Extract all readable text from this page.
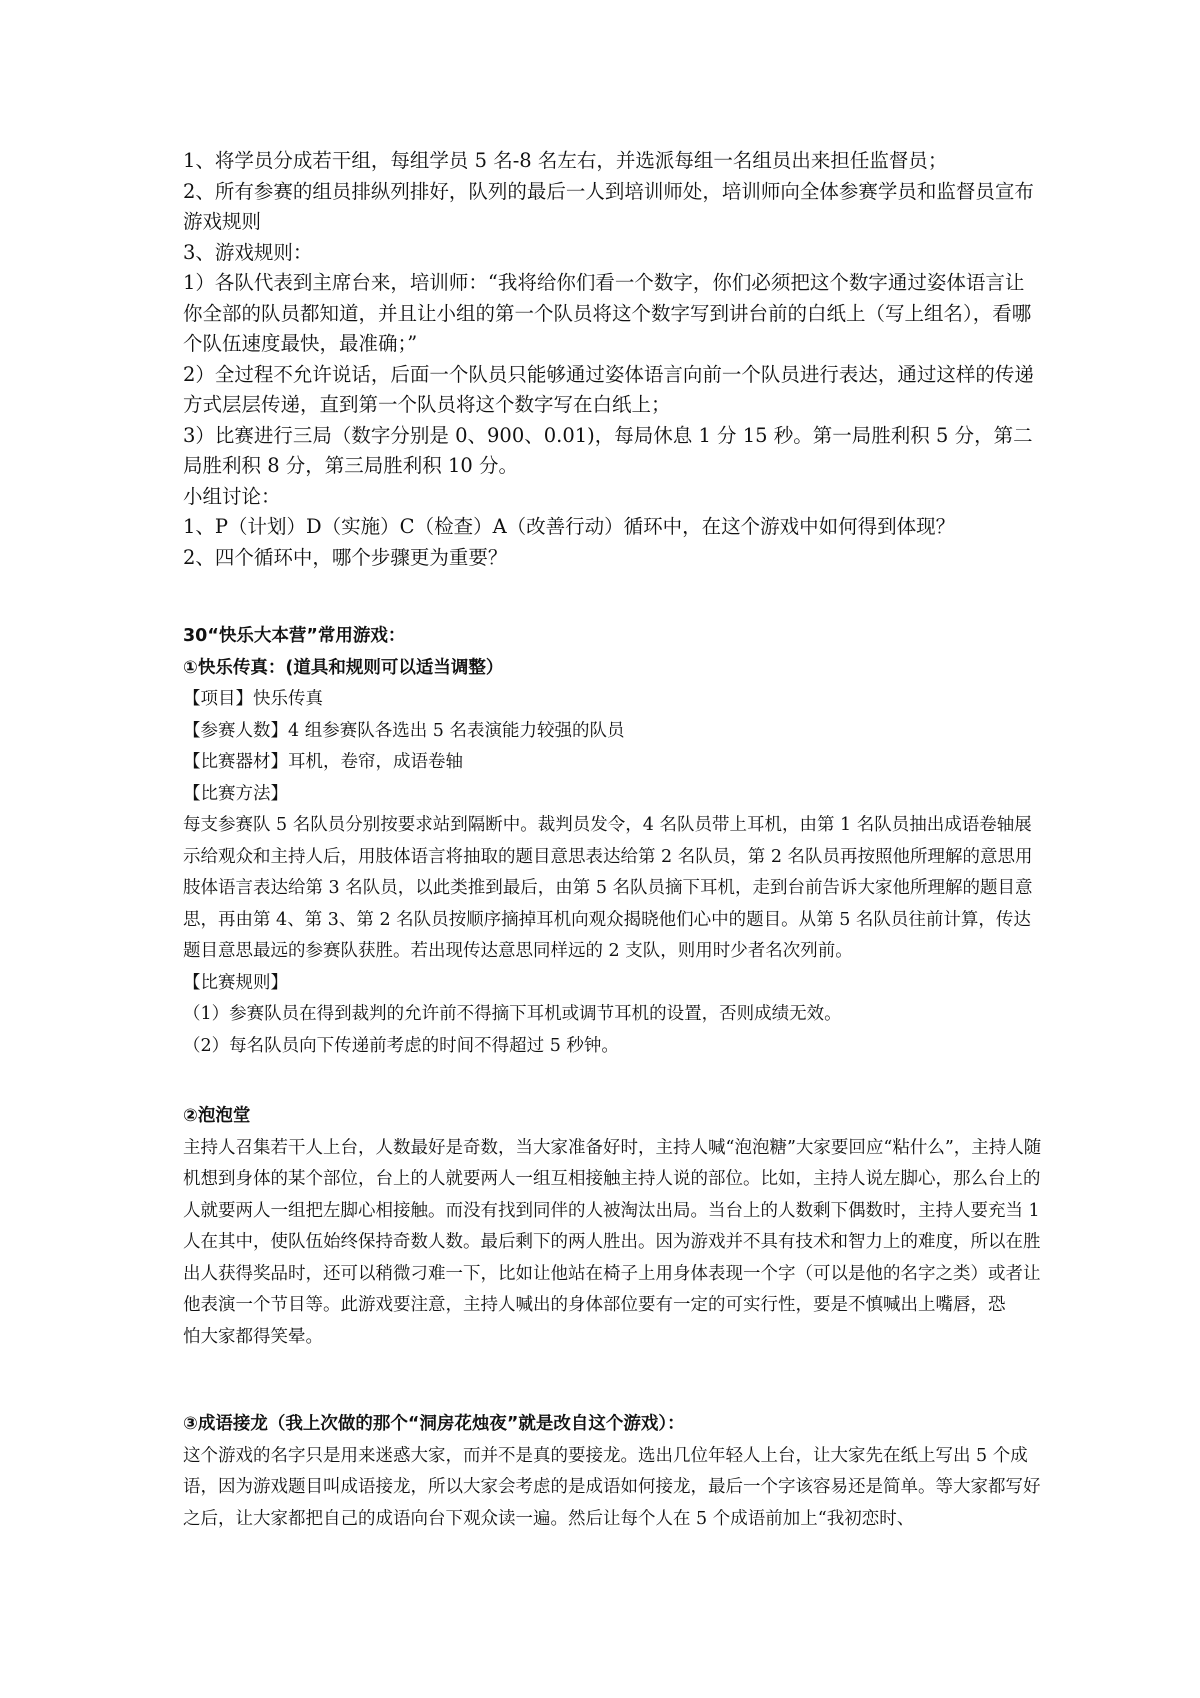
1、将学员分成若干组，每组学员 5 名-8 名左右，并选派每组一名组员出来担任监督员；

2、所有参赛的组员排纵列排好，队列的最后一人到培训师处，培训师向全体参赛学员和监督员宣布游戏规则

3、游戏规则：

1）各队代表到主席台来，培训师：“我将给你们看一个数字，你们必须把这个数字通过姿体语言让你全部的队员都知道，并且让小组的第一个队员将这个数字写到讲台前的白纸上（写上组名），看哪个队伍速度最快，最准确；”

2）全过程不允许说话，后面一个队员只能够通过姿体语言向前一个队员进行表达，通过这样的传递方式层层传递，直到第一个队员将这个数字写在白纸上；

3）比赛进行三局（数字分别是 0、900、0.01)，每局休息 1 分 15 秒。第一局胜利积 5 分，第二局胜利积 8 分，第三局胜利积 10 分。

小组讨论：

1、P（计划）D（实施）C（检查）A（改善行动）循环中，在这个游戏中如何得到体现？

2、四个循环中，哪个步骤更为重要？

30“快乐大本营”常用游戏：

①快乐传真：(道具和规则可以适当调整）

【项目】快乐传真

【参赛人数】4 组参赛队各选出 5 名表演能力较强的队员

【比赛器材】耳机，卷帘，成语卷轴

【比赛方法】

每支参赛队 5 名队员分别按要求站到隔断中。裁判员发令，4 名队员带上耳机，由第 1 名队员抽出成语卷轴展示给观众和主持人后，用肢体语言将抽取的题目意思表达给第 2 名队员，第 2 名队员再按照他所理解的意思用肢体语言表达给第 3 名队员，以此类推到最后，由第 5 名队员摘下耳机，走到台前告诉大家他所理解的题目意思，再由第 4、第 3、第 2 名队员按顺序摘掉耳机向观众揭晓他们心中的题目。从第 5 名队员往前计算，传达题目意思最远的参赛队获胜。若出现传达意思同样远的 2 支队，则用时少者名次列前。

【比赛规则】

（1）参赛队员在得到裁判的允许前不得摘下耳机或调节耳机的设置，否则成绩无效。

（2）每名队员向下传递前考虑的时间不得超过 5 秒钟。

②泡泡堂

主持人召集若干人上台，人数最好是奇数，当大家准备好时，主持人喊“泡泡糖”大家要回应“粘什么”，主持人随机想到身体的某个部位，台上的人就要两人一组互相接触主持人说的部位。比如，主持人说左脚心，那么台上的人就要两人一组把左脚心相接触。而没有找到同伴的人被淘汰出局。当台上的人数剩下偶数时，主持人要充当 1 人在其中，使队伍始终保持奇数人数。最后剩下的两人胜出。因为游戏并不具有技术和智力上的难度，所以在胜出人获得奖品时，还可以稍微刁难一下，比如让他站在椅子上用身体表现一个字（可以是他的名字之类）或者让他表演一个节目等。此游戏要注意，主持人喊出的身体部位要有一定的可实行性，要是不慎喊出上嘴唇，恐

怕大家都得笑晕。

③成语接龙（我上次做的那个“洞房花烛夜”就是改自这个游戏）：

这个游戏的名字只是用来迷惑大家，而并不是真的要接龙。选出几位年轻人上台，让大家先在纸上写出 5 个成语，因为游戏题目叫成语接龙，所以大家会考虑的是成语如何接龙，最后一个字该容易还是简单。等大家都写好之后，让大家都把自己的成语向台下观众读一遍。然后让每个人在 5 个成语前加上“我初恋时、
